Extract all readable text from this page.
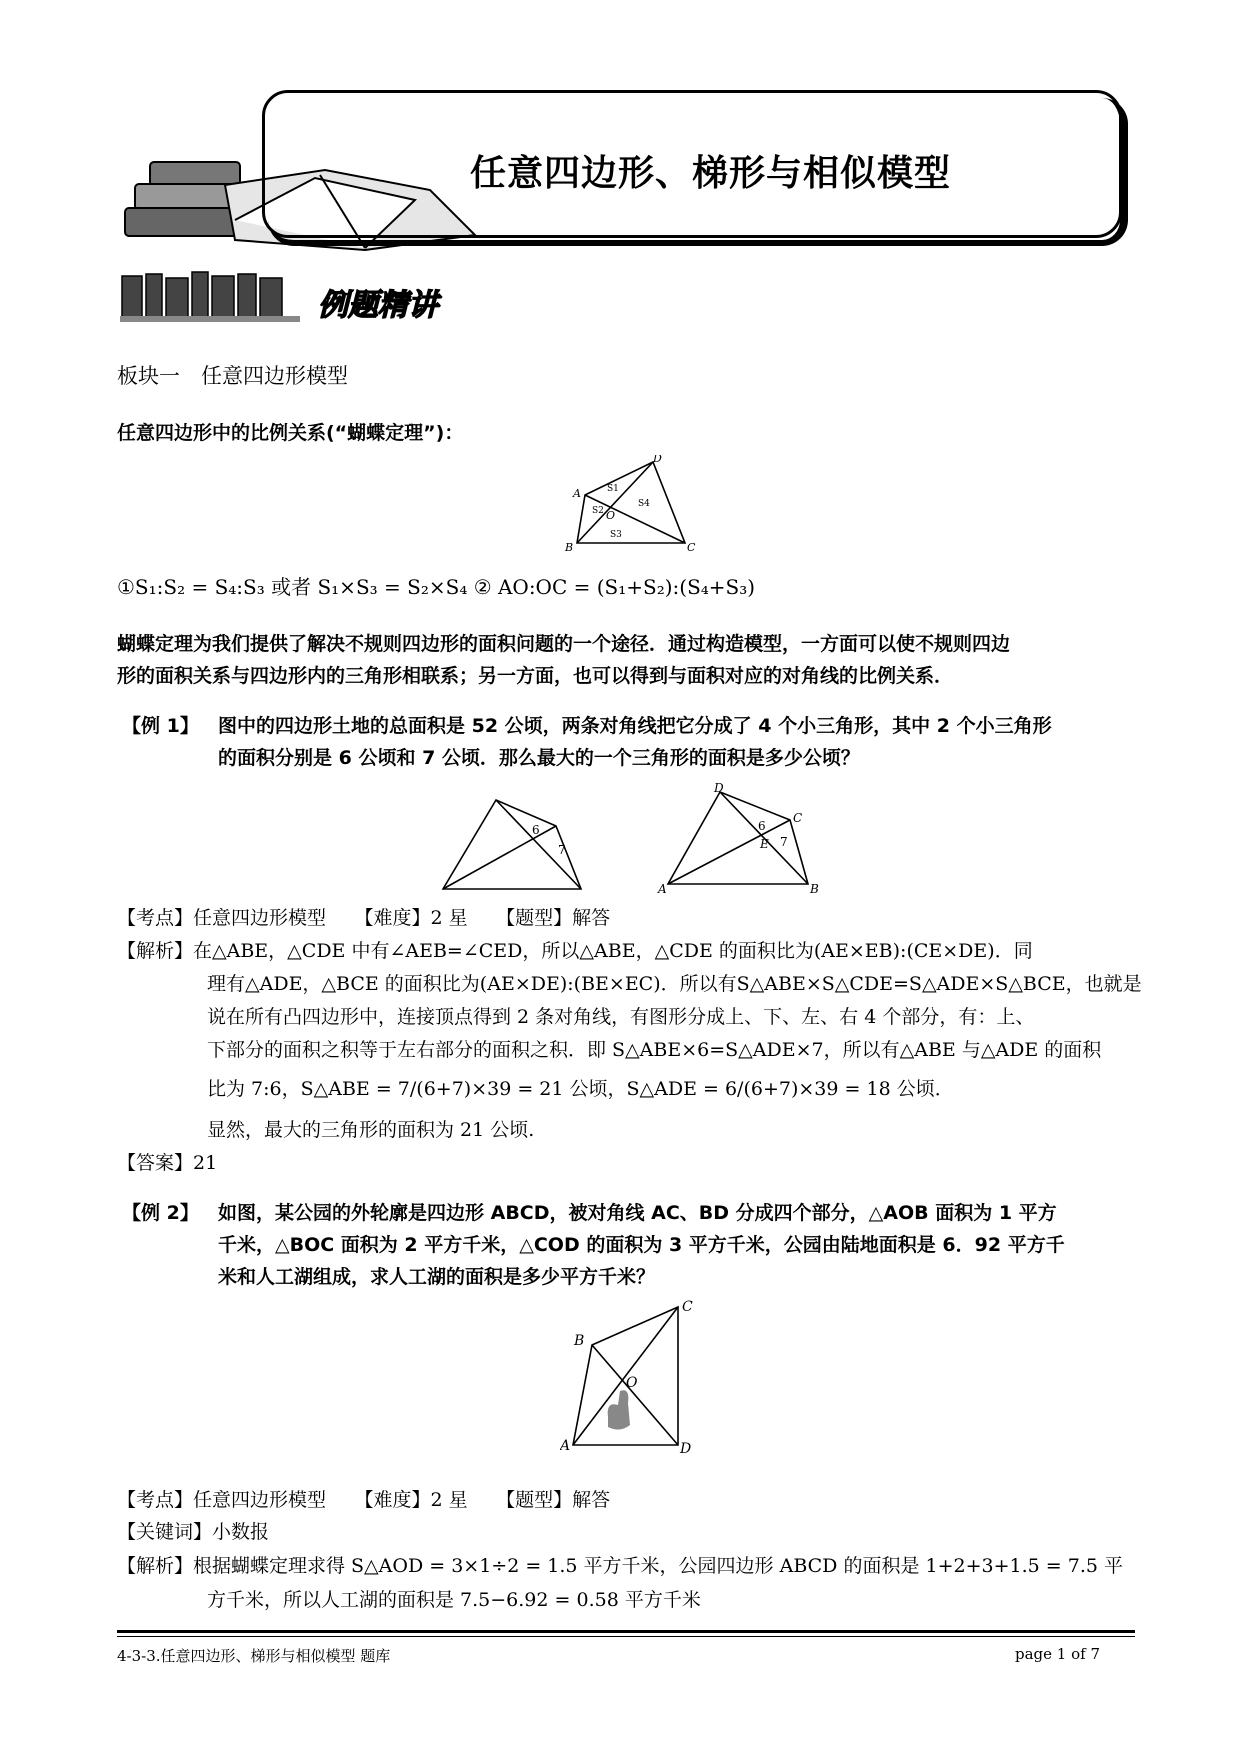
任意四边形、梯形与相似模型
例题精讲
板块一　任意四边形模型
任意四边形中的比例关系(“蝴蝶定理”)：
A
B	C
D
O
S1
S2
S3
S4
①S₁:S₂ = S₄:S₃ 或者 S₁×S₃ = S₂×S₄ ② AO:OC = (S₁+S₂):(S₄+S₃)
蝴蝶定理为我们提供了解决不规则四边形的面积问题的一个途径．通过构造模型，一方面可以使不规则四边
形的面积关系与四边形内的三角形相联系；另一方面，也可以得到与面积对应的对角线的比例关系．
【例 1】 图中的四边形土地的总面积是 52 公顷，两条对角线把它分成了 4 个小三角形，其中 2 个小三角形
的面积分别是 6 公顷和 7 公顷．那么最大的一个三角形的面积是多少公顷？
6
7
A	B
C
D
E
6
7
【考点】任意四边形模型　　【难度】2 星　　【题型】解答
【解析】在△ABE，△CDE 中有∠AEB=∠CED，所以△ABE，△CDE 的面积比为(AE×EB):(CE×DE)．同
理有△ADE，△BCE 的面积比为(AE×DE):(BE×EC)．所以有S△ABE×S△CDE=S△ADE×S△BCE，也就是
说在所有凸四边形中，连接顶点得到 2 条对角线，有图形分成上、下、左、右 4 个部分，有：上、
下部分的面积之积等于左右部分的面积之积．即 S△ABE×6=S△ADE×7，所以有△ABE 与△ADE 的面积
比为 7:6，S△ABE = 7/(6+7)×39 = 21 公顷，S△ADE = 6/(6+7)×39 = 18 公顷．
显然，最大的三角形的面积为 21 公顷.
【答案】21
【例 2】 如图，某公园的外轮廓是四边形 ABCD，被对角线 AC、BD 分成四个部分，△AOB 面积为 1 平方
千米，△BOC 面积为 2 平方千米，△COD 的面积为 3 平方千米，公园由陆地面积是 6．92 平方千
米和人工湖组成，求人工湖的面积是多少平方千米？
A
B
C
D
O
【考点】任意四边形模型　　【难度】2 星　　【题型】解答
【关键词】小数报
【解析】根据蝴蝶定理求得 S△AOD = 3×1÷2 = 1.5 平方千米，公园四边形 ABCD 的面积是 1+2+3+1.5 = 7.5 平
方千米，所以人工湖的面积是 7.5−6.92 = 0.58 平方千米
4-3-3.任意四边形、梯形与相似模型 题库	page 1 of 7
